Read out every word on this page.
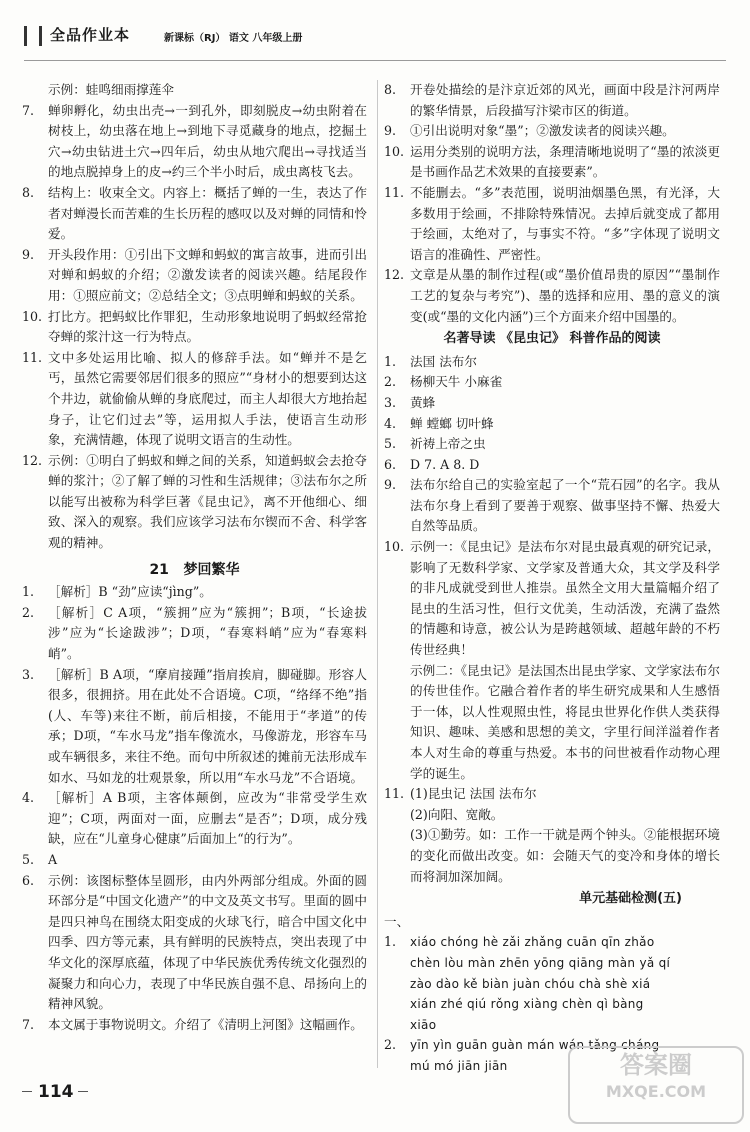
全品作业本	新课标（RJ） 语文 八年级上册
示例：蛙鸣细雨撑莲伞
7.	蝉卵孵化，幼虫出壳→一到孔外，即刻脱皮→幼虫附着在树枝上，幼虫落在地上→到地下寻觅藏身的地点，挖掘土穴→幼虫钻进土穴→四年后，幼虫从地穴爬出→寻找适当的地点脱掉身上的皮→约三个半小时后，成虫离枝飞去。
8.	结构上：收束全文。内容上：概括了蝉的一生，表达了作者对蝉漫长而苦难的生长历程的感叹以及对蝉的同情和怜爱。
9.	开头段作用：①引出下文蝉和蚂蚁的寓言故事，进而引出对蝉和蚂蚁的介绍；②激发读者的阅读兴趣。结尾段作用：①照应前文；②总结全文；③点明蝉和蚂蚁的关系。
10. 打比方。把蚂蚁比作罪犯，生动形象地说明了蚂蚁经常抢夺蝉的浆汁这一行为特点。
11. 文中多处运用比喻、拟人的修辞手法。如“蝉并不是乞丐，虽然它需要邻居们很多的照应”“身材小的想要到达这个井边，就偷偷从蝉的身底爬过，而主人却很大方地抬起身子，让它们过去”等，运用拟人手法，使语言生动形象，充满情趣，体现了说明文语言的生动性。
12. 示例：①明白了蚂蚁和蝉之间的关系，知道蚂蚁会去抢夺蝉的浆汁；②了解了蝉的习性和生活规律；③法布尔之所以能写出被称为科学巨著《昆虫记》，离不开他细心、细致、深入的观察。我们应该学习法布尔锲而不舍、科学客观的精神。
21 梦回繁华
1.	［解析］B “劲”应读“jìng”。
2.	［解析］C A项，“簇拥”应为“簇拥”；B项，“长途拔涉”应为“长途跋涉”；D项，“春寒料峭”应为“春寒料峭”。
3.	［解析］B A项，“摩肩接踵”指肩挨肩，脚碰脚。形容人很多，很拥挤。用在此处不合语境。C项，“络绎不绝”指(人、车等)来往不断，前后相接，不能用于“孝道”的传承；D项，“车水马龙”指车像流水，马像游龙，形容车马或车辆很多，来往不绝。而句中所叙述的摊前无法形成车如水、马如龙的壮观景象，所以用“车水马龙”不合语境。
4.	［解析］A B项，主客体颠倒，应改为“非常受学生欢迎”；C项，两面对一面，应删去“是否”；D项，成分残缺，应在“儿童身心健康”后面加上“的行为”。
5.	A
6.	示例：该图标整体呈圆形，由内外两部分组成。外面的圆环部分是“中国文化遗产”的中文及英文书写。里面的圆中是四只神鸟在围绕太阳变成的火球飞行，暗合中国文化中四季、四方等元素，具有鲜明的民族特点，突出表现了中华文化的深厚底蕴，体现了中华民族优秀传统文化强烈的凝聚力和向心力，表现了中华民族自强不息、昂扬向上的精神风貌。
7.	本文属于事物说明文。介绍了《清明上河图》这幅画作。
8.	开卷处描绘的是汴京近郊的风光，画面中段是汴河两岸的繁华情景，后段描写汴梁市区的街道。
9.	①引出说明对象“墨”；②激发读者的阅读兴趣。
10. 运用分类别的说明方法，条理清晰地说明了“墨的浓淡更是书画作品艺术效果的直接要素”。
11. 不能删去。“多”表范围，说明油烟墨色黑，有光泽，大多数用于绘画，不排除特殊情况。去掉后就变成了都用于绘画，太绝对了，与事实不符。“多”字体现了说明文语言的准确性、严密性。
12. 文章是从墨的制作过程(或“墨价值昂贵的原因”“墨制作工艺的复杂与考究”)、墨的选择和应用、墨的意义的演变(或“墨的文化内涵”)三个方面来介绍中国墨的。
名著导读 《昆虫记》 科普作品的阅读
1.	法国 法布尔
2.	杨柳天牛 小麻雀
3.	黄蜂
4.	蝉 螳螂 切叶蜂
5.	祈祷上帝之虫
6.	D 7. A 8. D
9.	法布尔给自己的实验室起了一个“荒石园”的名字。我从法布尔身上看到了要善于观察、做事坚持不懈、热爱大自然等品质。
10. 示例一：《昆虫记》是法布尔对昆虫最真观的研究记录，影响了无数科学家、文学家及普通大众，其文学及科学的非凡成就受到世人推崇。虽然全文用大量篇幅介绍了昆虫的生活习性，但行文优美，生动活泼，充满了盎然的情趣和诗意，被公认为是跨越领域、超越年龄的不朽传世经典！
示例二：《昆虫记》是法国杰出昆虫学家、文学家法布尔的传世佳作。它融合着作者的毕生研究成果和人生感悟于一体，以人性观照虫性，将昆虫世界化作供人类获得知识、趣味、美感和思想的美文，字里行间洋溢着作者本人对生命的尊重与热爱。本书的问世被看作动物心理学的诞生。
11. (1)昆虫记 法国 法布尔
(2)向阳、宽敞。
(3)①勤劳。如：工作一干就是两个钟头。②能根据环境的变化而做出改变。如：会随天气的变冷和身体的增长而将洞加深加阔。
单元基础检测(五)
一、
1.	xiáo chóng hè zǎi zhǎng cuān qīn zhǎo
chèn lòu màn zhēn yōng qiāng màn yǎ qí
zào dào kě biàn juàn chóu chà shè xiá
xián zhé qiú rǒng xiàng chèn qì bàng
xiāo
2.	yīn yìn guān guàn mán wán tǎng cháng
mú mó jiān jiān
114
答案圈
MXQE.COM
